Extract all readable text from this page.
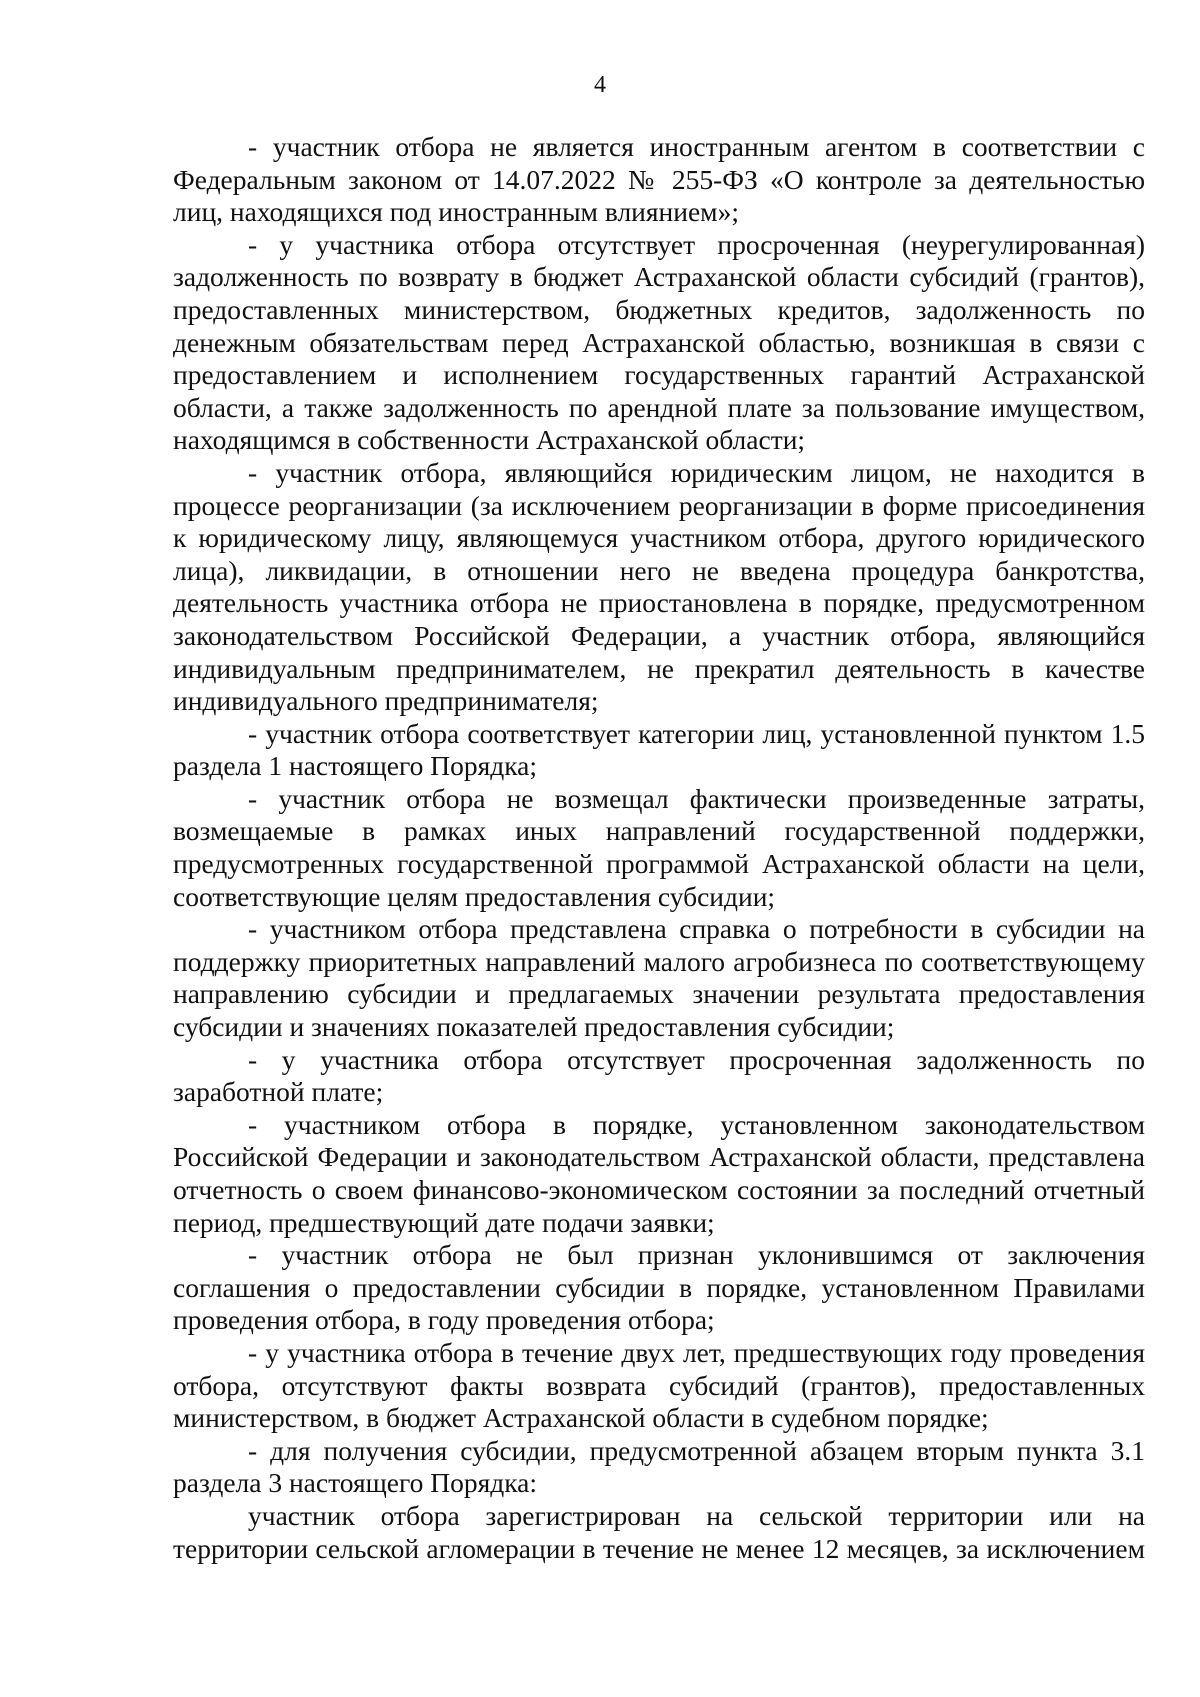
4

- участник отбора не является иностранным агентом в соответствии с Федеральным законом от 14.07.2022 № 255-ФЗ «О контроле за деятельностью лиц, находящихся под иностранным влиянием»;

- у участника отбора отсутствует просроченная (неурегулированная) задолженность по возврату в бюджет Астраханской области субсидий (грантов), предоставленных министерством, бюджетных кредитов, задолженность по денежным обязательствам перед Астраханской областью, возникшая в связи с предоставлением и исполнением государственных гарантий Астраханской области, а также задолженность по арендной плате за пользование имуществом, находящимся в собственности Астраханской области;

- участник отбора, являющийся юридическим лицом, не находится в процессе реорганизации (за исключением реорганизации в форме присоединения к юридическому лицу, являющемуся участником отбора, другого юридического лица), ликвидации, в отношении него не введена процедура банкротства, деятельность участника отбора не приостановлена в порядке, предусмотренном законодательством Российской Федерации, а участник отбора, являющийся индивидуальным предпринимателем, не прекратил деятельность в качестве индивидуального предпринимателя;

- участник отбора соответствует категории лиц, установленной пунктом 1.5 раздела 1 настоящего Порядка;

- участник отбора не возмещал фактически произведенные затраты, возмещаемые в рамках иных направлений государственной поддержки, предусмотренных государственной программой Астраханской области на цели, соответствующие целям предоставления субсидии;

- участником отбора представлена справка о потребности в субсидии на поддержку приоритетных направлений малого агробизнеса по соответствующему направлению субсидии и предлагаемых значении результата предоставления субсидии и значениях показателей предоставления субсидии;

- у участника отбора отсутствует просроченная задолженность по заработной плате;

- участником отбора в порядке, установленном законодательством Российской Федерации и законодательством Астраханской области, представлена отчетность о своем финансово-экономическом состоянии за последний отчетный период, предшествующий дате подачи заявки;

- участник отбора не был признан уклонившимся от заключения соглашения о предоставлении субсидии в порядке, установленном Правилами проведения отбора, в году проведения отбора;

- у участника отбора в течение двух лет, предшествующих году проведения отбора, отсутствуют факты возврата субсидий (грантов), предоставленных министерством, в бюджет Астраханской области в судебном порядке;

- для получения субсидии, предусмотренной абзацем вторым пункта 3.1 раздела 3 настоящего Порядка:

участник отбора зарегистрирован на сельской территории или на территории сельской агломерации в течение не менее 12 месяцев, за исключением
